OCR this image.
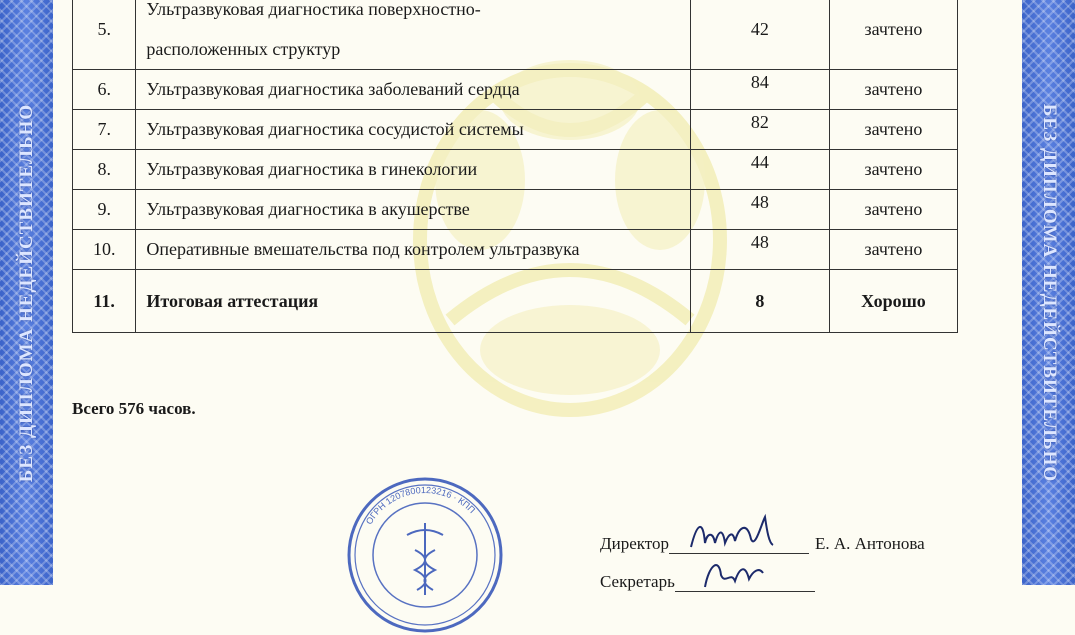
БЕЗ ДИПЛОМА НЕДЕЙСТВИТЕЛЬНО	БЕЗ ДИПЛОМА НЕДЕЙСТВИТЕЛЬНО
5.	Ультразвуковая диагностика поверхностно-
расположенных структур	42	зачтено
6.	Ультразвуковая диагностика заболеваний сердца	84	зачтено
7.	Ультразвуковая диагностика сосудистой системы	82	зачтено
8.	Ультразвуковая диагностика в гинекологии	44	зачтено
9.	Ультразвуковая диагностика в акушерстве	48	зачтено
10.	Оперативные вмешательства под контролем ультразвука	48	зачтено
11.	Итоговая аттестация	8	Хорошо
Всего 576 часов.
ОГРН 1207800123216 · КПП
Директор	Е. А. Антонова
Секретарь
